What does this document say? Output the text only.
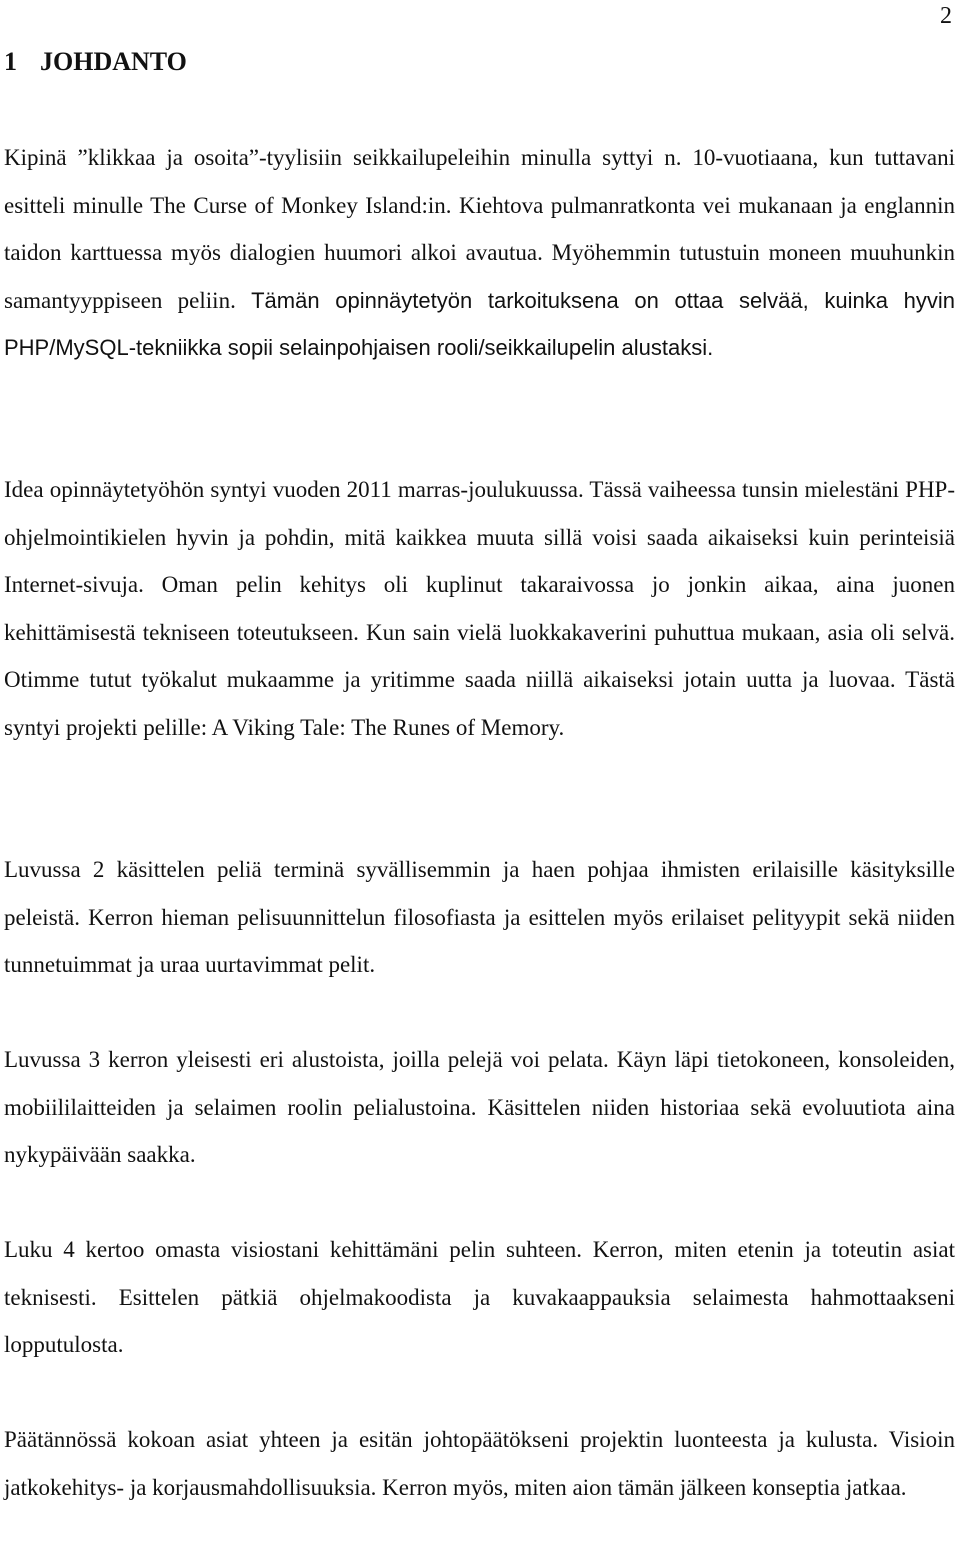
2
1 JOHDANTO

Kipinä ”klikkaa ja osoita”-tyylisiin seikkailupeleihin minulla syttyi n. 10-vuotiaana, kun tuttavani esitteli minulle The Curse of Monkey Island:in. Kiehtova pulmanratkonta vei mukanaan ja englannin taidon karttuessa myös dialogien huumori alkoi avautua. Myöhemmin tutustuin moneen muuhunkin samantyyppiseen peliin. Tämän opinnäytetyön tarkoituksena on ottaa selvää, kuinka hyvin PHP/MySQL-tekniikka sopii selainpohjaisen rooli/seikkailupelin alustaksi.

Idea opinnäytetyöhön syntyi vuoden 2011 marras-joulukuussa. Tässä vaiheessa tunsin mielestäni PHP-ohjelmointikielen hyvin ja pohdin, mitä kaikkea muuta sillä voisi saada aikaiseksi kuin perinteisiä Internet-sivuja. Oman pelin kehitys oli kuplinut takaraivossa jo jonkin aikaa, aina juonen kehittämisestä tekniseen toteutukseen. Kun sain vielä luokkakaverini puhuttua mukaan, asia oli selvä. Otimme tutut työkalut mukaamme ja yritimme saada niillä aikaiseksi jotain uutta ja luovaa. Tästä syntyi projekti pelille: A Viking Tale: The Runes of Memory.

Luvussa 2 käsittelen peliä terminä syvällisemmin ja haen pohjaa ihmisten erilaisille käsityksille peleistä. Kerron hieman pelisuunnittelun filosofiasta ja esittelen myös erilaiset pelityypit sekä niiden tunnetuimmat ja uraa uurtavimmat pelit.

Luvussa 3 kerron yleisesti eri alustoista, joilla pelejä voi pelata. Käyn läpi tietokoneen, konsoleiden, mobiililaitteiden ja selaimen roolin pelialustoina. Käsittelen niiden historiaa sekä evoluutiota aina nykypäivään saakka.

Luku 4 kertoo omasta visiostani kehittämäni pelin suhteen. Kerron, miten etenin ja toteutin asiat teknisesti. Esittelen pätkiä ohjelmakoodista ja kuvakaappauksia selaimesta hahmottaakseni lopputulosta.

Päätännössä kokoan asiat yhteen ja esitän johtopäätökseni projektin luonteesta ja kulusta. Visioin jatkokehitys- ja korjausmahdollisuuksia. Kerron myös, miten aion tämän jälkeen konseptia jatkaa.
